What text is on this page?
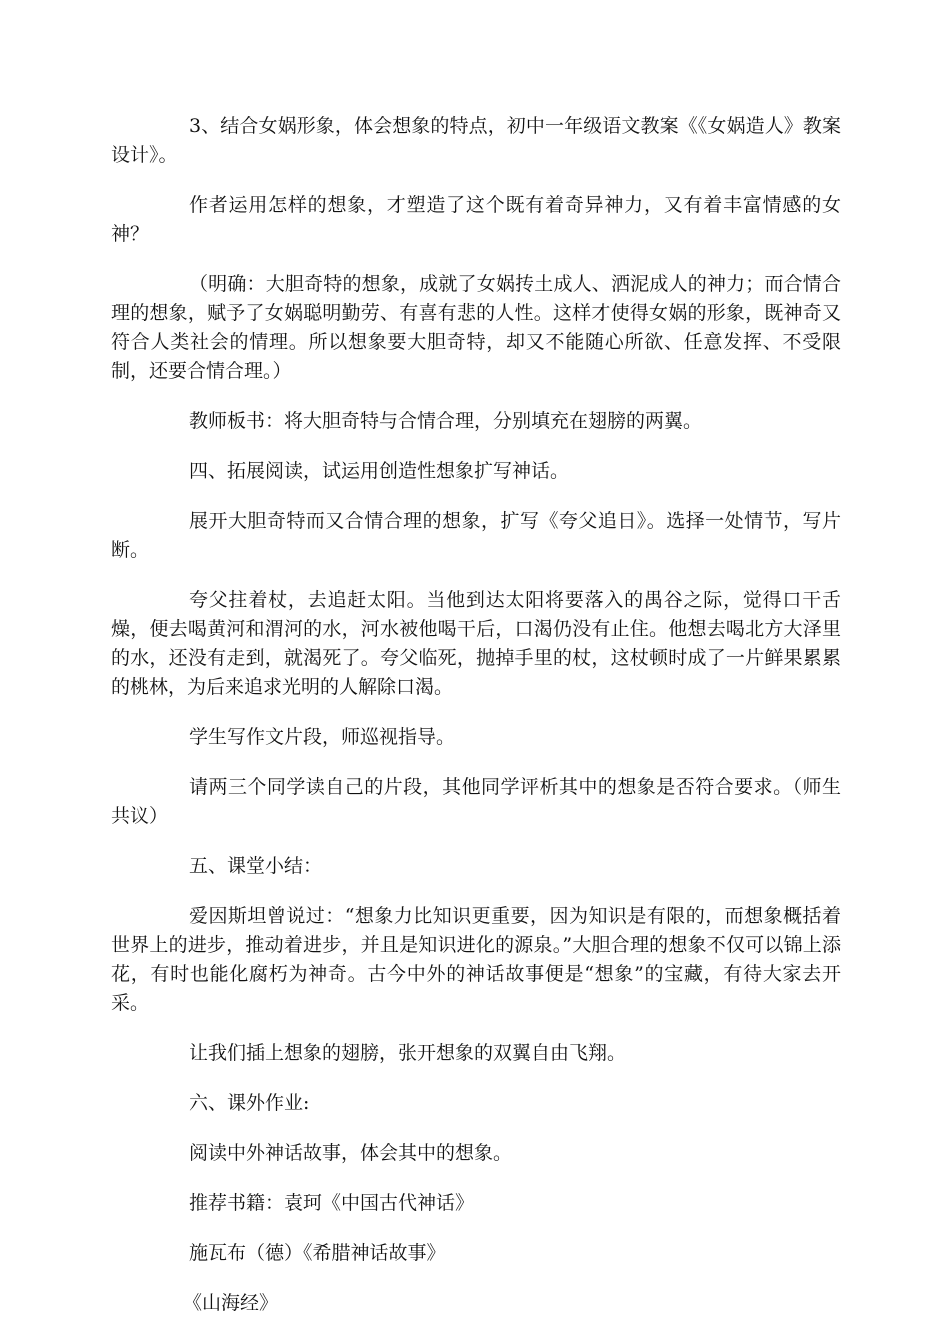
3、结合女娲形象，体会想象的特点，初中一年级语文教案《《女娲造人》教案设计》。

作者运用怎样的想象，才塑造了这个既有着奇异神力，又有着丰富情感的女神？

（明确：大胆奇特的想象，成就了女娲抟土成人、洒泥成人的神力；而合情合理的想象，赋予了女娲聪明勤劳、有喜有悲的人性。这样才使得女娲的形象，既神奇又符合人类社会的情理。所以想象要大胆奇特，却又不能随心所欲、任意发挥、不受限制，还要合情合理。）

教师板书：将大胆奇特与合情合理，分别填充在翅膀的两翼。

四、拓展阅读，试运用创造性想象扩写神话。

展开大胆奇特而又合情合理的想象，扩写《夸父追日》。选择一处情节，写片断。

夸父拄着杖，去追赶太阳。当他到达太阳将要落入的禺谷之际，觉得口干舌燥，便去喝黄河和渭河的水，河水被他喝干后，口渴仍没有止住。他想去喝北方大泽里的水，还没有走到，就渴死了。夸父临死，抛掉手里的杖，这杖顿时成了一片鲜果累累的桃林，为后来追求光明的人解除口渴。

学生写作文片段，师巡视指导。

请两三个同学读自己的片段，其他同学评析其中的想象是否符合要求。（师生共议）

五、课堂小结：

爱因斯坦曾说过：“想象力比知识更重要，因为知识是有限的，而想象概括着世界上的进步，推动着进步，并且是知识进化的源泉。”大胆合理的想象不仅可以锦上添花，有时也能化腐朽为神奇。古今中外的神话故事便是“想象”的宝藏，有待大家去开采。

让我们插上想象的翅膀，张开想象的双翼自由飞翔。

六、课外作业:

阅读中外神话故事，体会其中的想象。

推荐书籍：袁珂《中国古代神话》

施瓦布（德）《希腊神话故事》

《山海经》
